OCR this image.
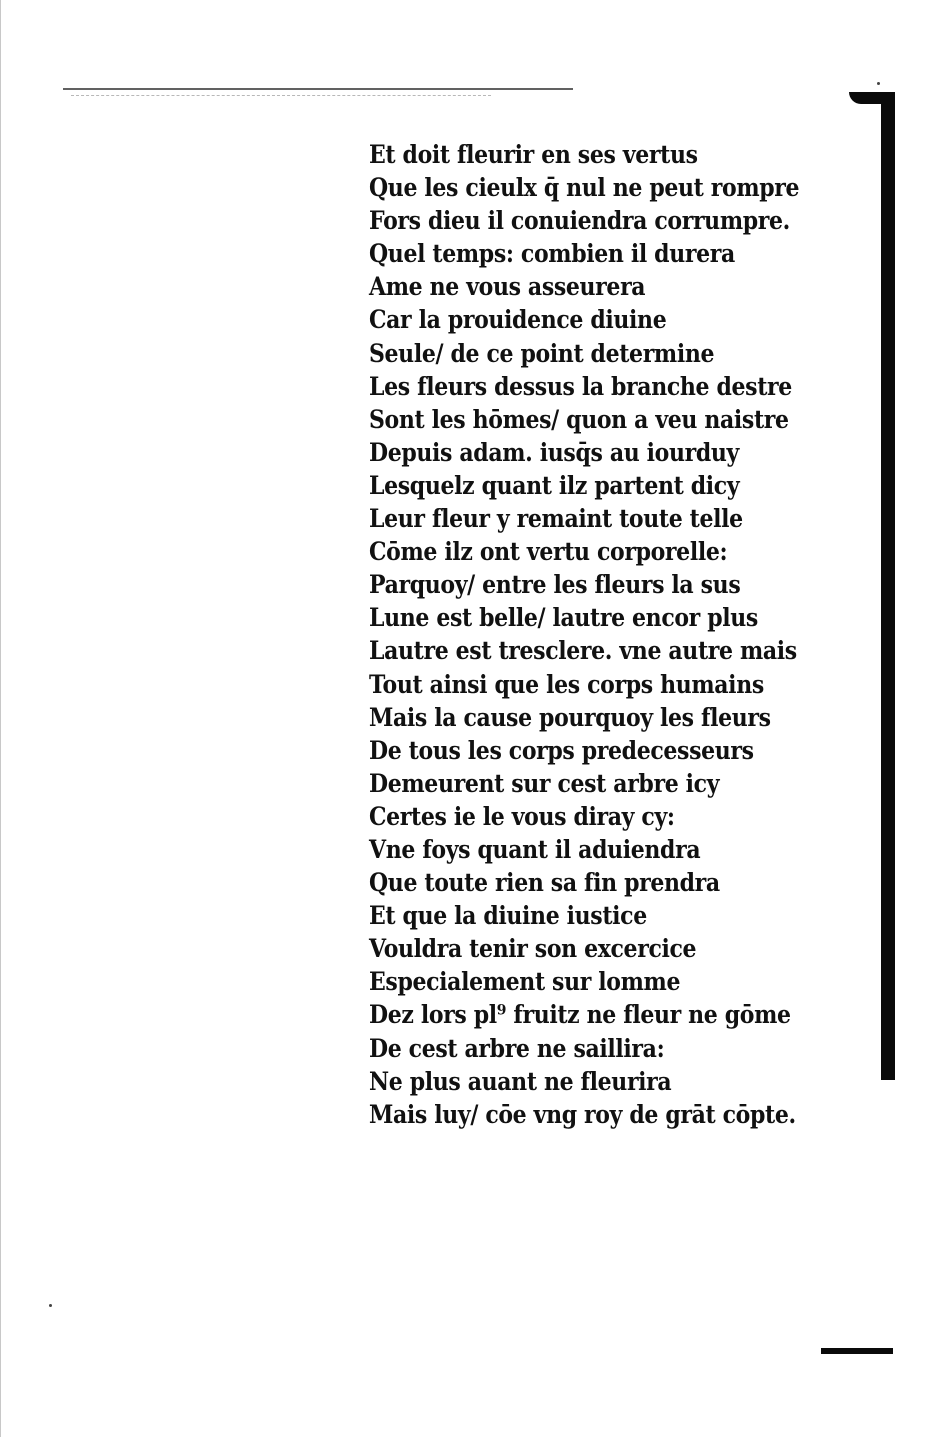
Et doit fleurir en ses vertus
Que les cieulx q̄ nul ne peut rompre
Fors dieu il conuiendra corrumpre.
Quel temps: combien il durera
Ame ne vous asseurera
Car la prouidence diuine
Seule/ de ce point determine
Les fleurs dessus la branche destre
Sont les hōmes/ quon a veu naistre
Depuis adam. iusq̄s au iourduy
Lesquelz quant ilz partent dicy
Leur fleur y remaint toute telle
Cōme ilz ont vertu corporelle:
Parquoy/ entre les fleurs la sus
Lune est belle/ lautre encor plus
Lautre est tresclere. vne autre mais
Tout ainsi que les corps humains
Mais la cause pourquoy les fleurs
De tous les corps predecesseurs
Demeurent sur cest arbre icy
Certes ie le vous diray cy:
Vne foys quant il aduiendra
Que toute rien sa fin prendra
Et que la diuine iustice
Vouldra tenir son excercice
Especialement sur lomme
Dez lors pl⁹ fruitz ne fleur ne gōme
De cest arbre ne saillira:
Ne plus auant ne fleurira
Mais luy/ cōe vng roy de grāt cōpte.
